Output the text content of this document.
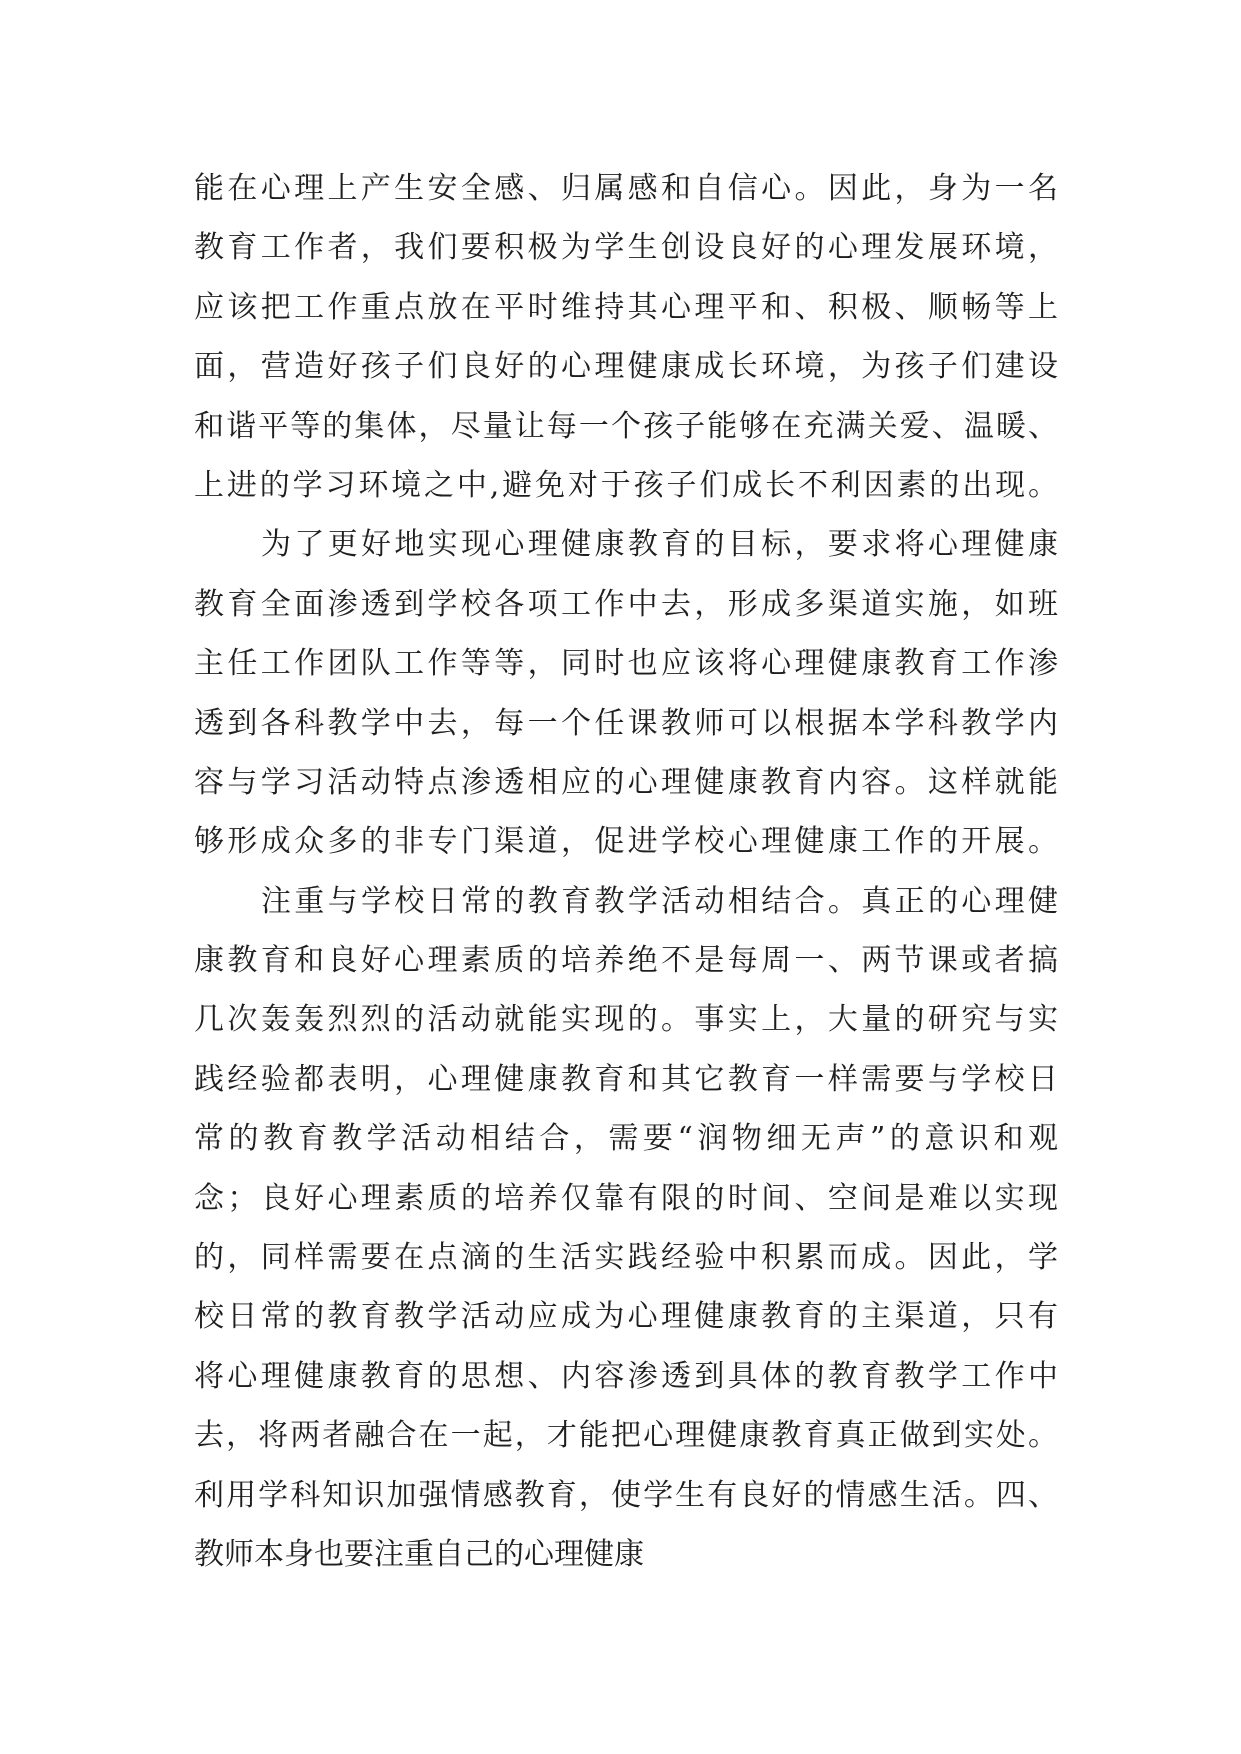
能在心理上产生安全感、归属感和自信心。因此，身为一名
教育工作者，我们要积极为学生创设良好的心理发展环境，
应该把工作重点放在平时维持其心理平和、积极、顺畅等上
面，营造好孩子们良好的心理健康成长环境，为孩子们建设
和谐平等的集体，尽量让每一个孩子能够在充满关爱、温暖、
上进的学习环境之中,避免对于孩子们成长不利因素的出现。
为了更好地实现心理健康教育的目标，要求将心理健康
教育全面渗透到学校各项工作中去，形成多渠道实施，如班
主任工作团队工作等等，同时也应该将心理健康教育工作渗
透到各科教学中去，每一个任课教师可以根据本学科教学内
容与学习活动特点渗透相应的心理健康教育内容。这样就能
够形成众多的非专门渠道，促进学校心理健康工作的开展。
注重与学校日常的教育教学活动相结合。真正的心理健
康教育和良好心理素质的培养绝不是每周一、两节课或者搞
几次轰轰烈烈的活动就能实现的。事实上，大量的研究与实
践经验都表明，心理健康教育和其它教育一样需要与学校日
常的教育教学活动相结合，需要“润物细无声”的意识和观
念；良好心理素质的培养仅靠有限的时间、空间是难以实现
的，同样需要在点滴的生活实践经验中积累而成。因此，学
校日常的教育教学活动应成为心理健康教育的主渠道，只有
将心理健康教育的思想、内容渗透到具体的教育教学工作中
去，将两者融合在一起，才能把心理健康教育真正做到实处。
利用学科知识加强情感教育，使学生有良好的情感生活。四、
教师本身也要注重自己的心理健康
